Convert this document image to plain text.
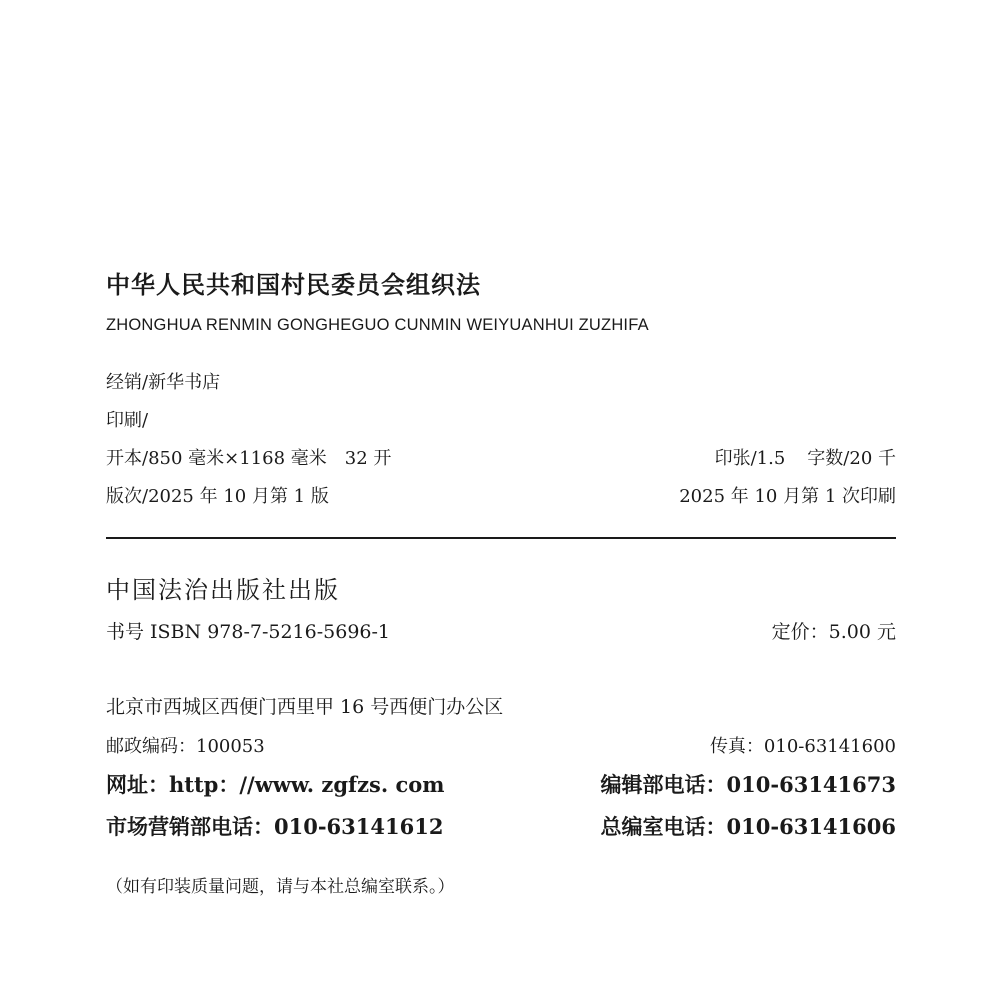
中华人民共和国村民委员会组织法
ZHONGHUA RENMIN GONGHEGUO CUNMIN WEIYUANHUI ZUZHIFA
经销/新华书店
印刷/
开本/850 毫米×1168 毫米　32 开	印张/1.5 字数/20 千
版次/2025 年 10 月第 1 版	2025 年 10 月第 1 次印刷
中国法治出版社出版
书号 ISBN 978-7-5216-5696-1	定价：5.00 元
北京市西城区西便门西里甲 16 号西便门办公区
邮政编码：100053	传真：010-63141600
网址：http：//www. zgfzs. com	编辑部电话：010-63141673
市场营销部电话：010-63141612	总编室电话：010-63141606
（如有印装质量问题，请与本社总编室联系。）
